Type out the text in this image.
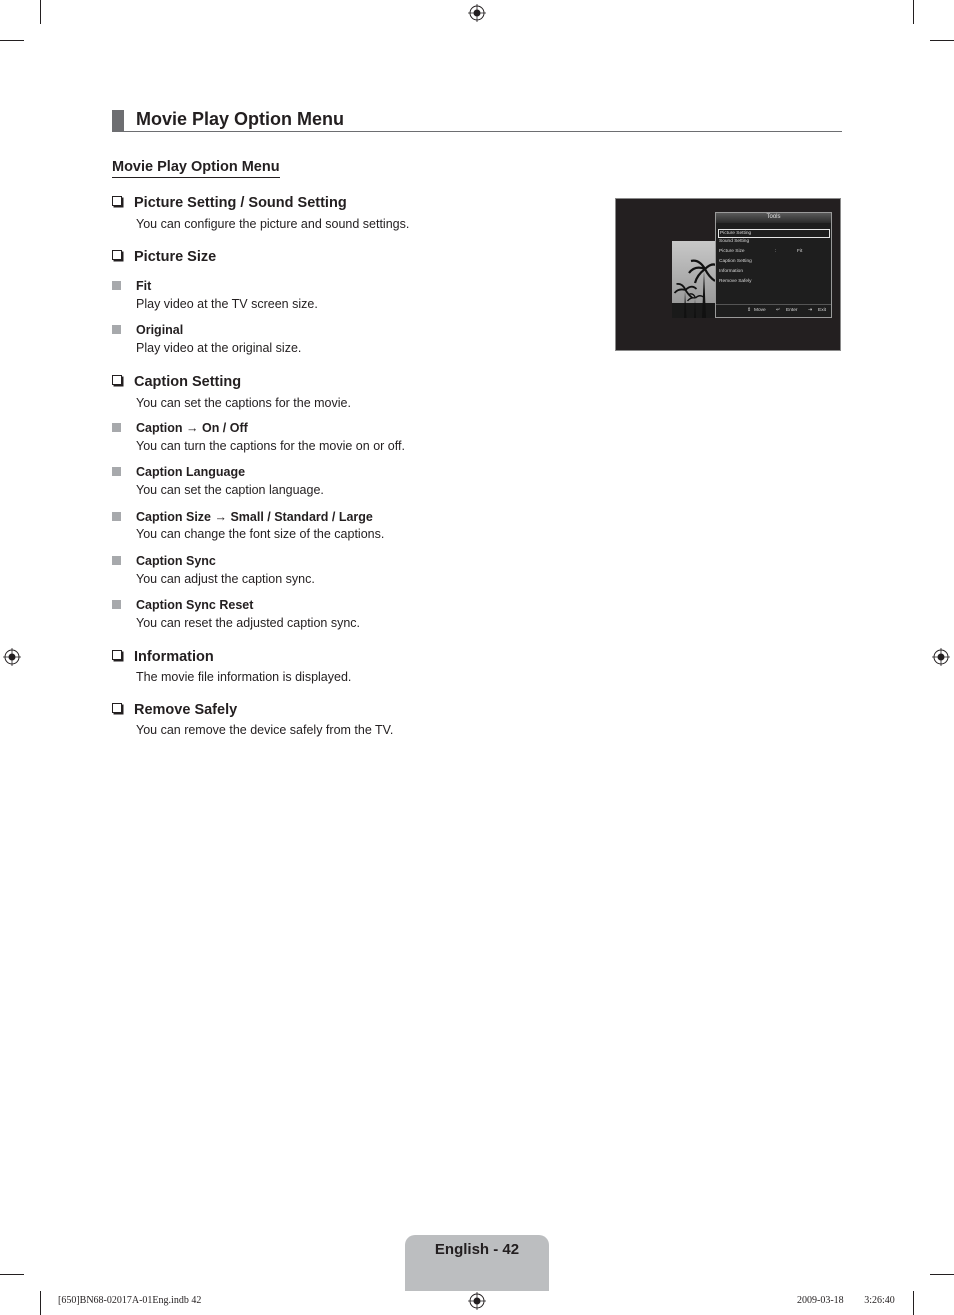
Movie Play Option Menu
Movie Play Option Menu
Picture Setting / Sound Setting
You can configure the picture and sound settings.
Picture Size
Fit
Play video at the TV screen size.
Original
Play video at the original size.
Caption Setting
You can set the captions for the movie.
Caption → On / Off
You can turn the captions for the movie on or off.
Caption Language
You can set the caption language.
Caption Size → Small / Standard / Large
You can change the font size of the captions.
Caption Sync
You can adjust the caption sync.
Caption Sync Reset
You can reset the adjusted caption sync.
Information
The movie file information is displayed.
Remove Safely
You can remove the device safely from the TV.
Tools
Picture Setting
Sound Setting
Picture Size	:	Fit
Caption Setting
Information
Remove Safely
⇕ Move ↵ Enter ⇥ Exit
English - 42
[650]BN68-02017A-01Eng.indb 42	2009-03-18 􀀀􀀀 3:26:40
